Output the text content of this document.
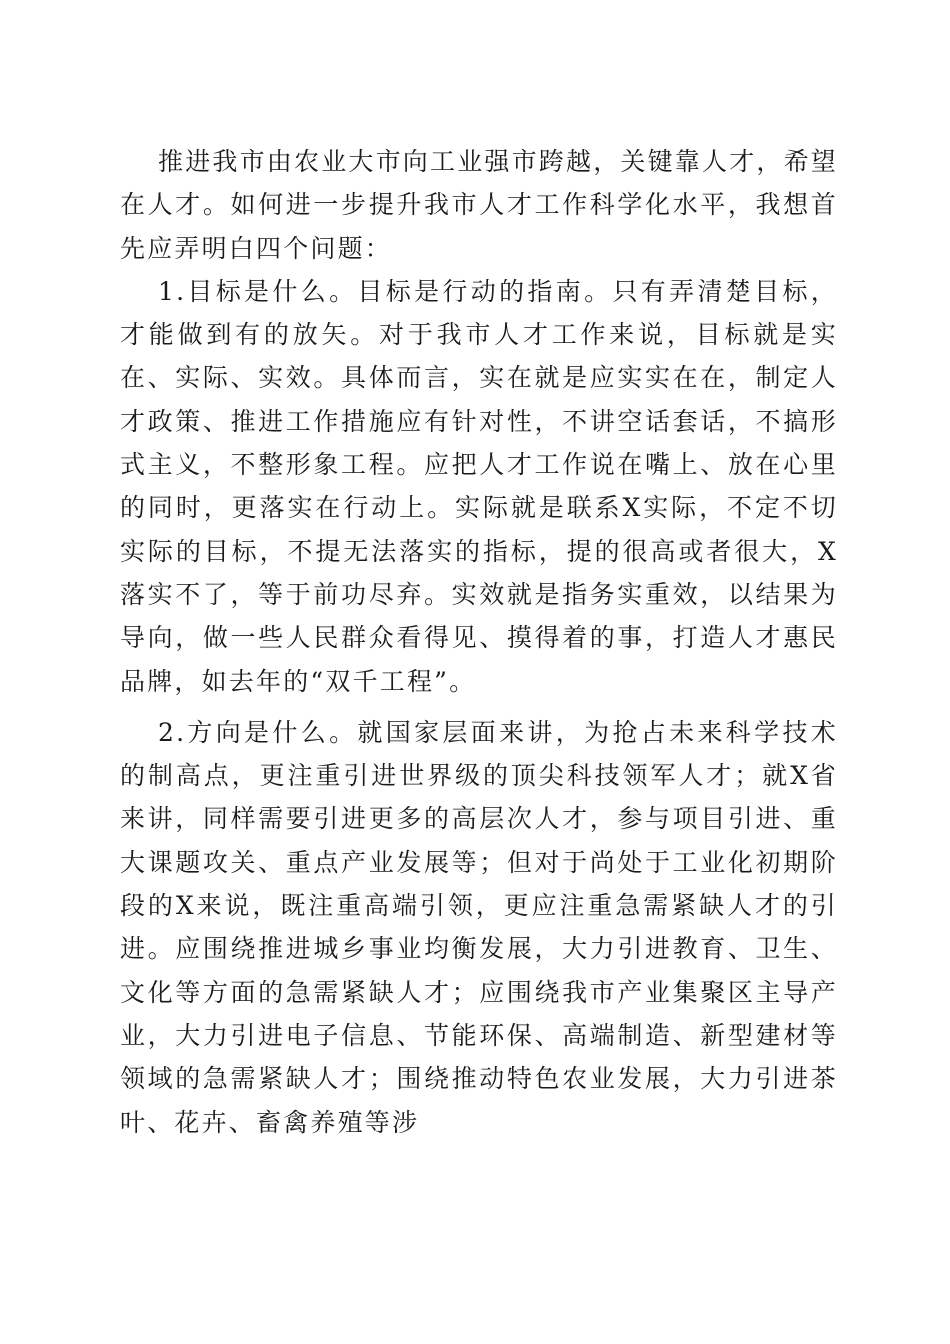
推进我市由农业大市向工业强市跨越，关键靠人才，希望在人才。如何进一步提升我市人才工作科学化水平，我想首先应弄明白四个问题：

1.目标是什么。目标是行动的指南。只有弄清楚目标，才能做到有的放矢。对于我市人才工作来说，目标就是实在、实际、实效。具体而言，实在就是应实实在在，制定人才政策、推进工作措施应有针对性，不讲空话套话，不搞形式主义，不整形象工程。应把人才工作说在嘴上、放在心里的同时，更落实在行动上。实际就是联系X实际，不定不切实际的目标，不提无法落实的指标，提的很高或者很大，X落实不了，等于前功尽弃。实效就是指务实重效，以结果为导向，做一些人民群众看得见、摸得着的事，打造人才惠民品牌，如去年的“双千工程”。

2.方向是什么。就国家层面来讲，为抢占未来科学技术的制高点，更注重引进世界级的顶尖科技领军人才；就X省来讲，同样需要引进更多的高层次人才，参与项目引进、重大课题攻关、重点产业发展等；但对于尚处于工业化初期阶段的X来说，既注重高端引领，更应注重急需紧缺人才的引进。应围绕推进城乡事业均衡发展，大力引进教育、卫生、文化等方面的急需紧缺人才；应围绕我市产业集聚区主导产业，大力引进电子信息、节能环保、高端制造、新型建材等领域的急需紧缺人才；围绕推动特色农业发展，大力引进茶叶、花卉、畜禽养殖等涉
